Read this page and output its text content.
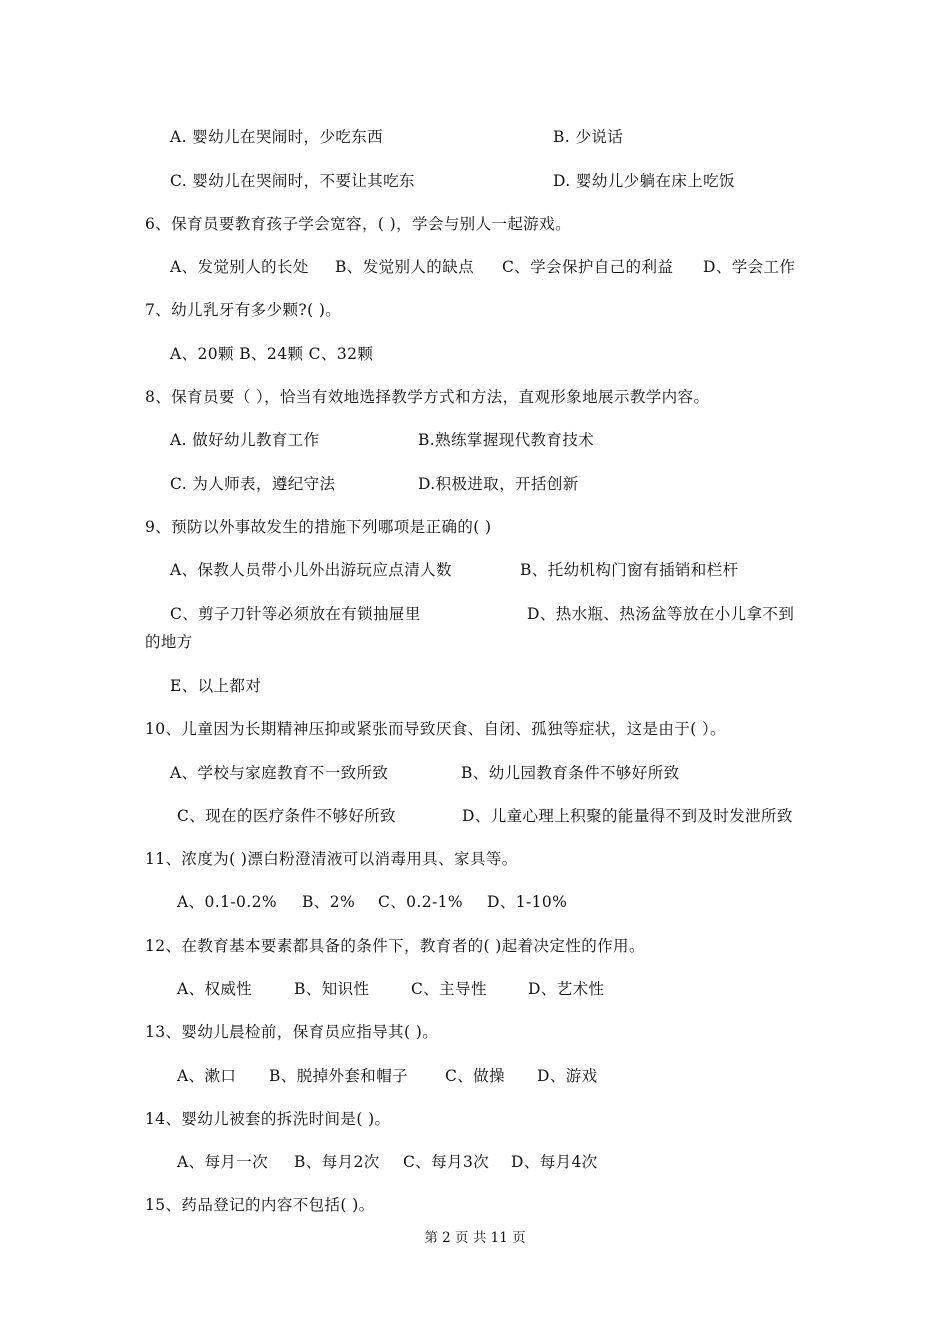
A. 婴幼儿在哭闹时，少吃东西	B. 少说话
C. 婴幼儿在哭闹时，不要让其吃东	D. 婴幼儿少躺在床上吃饭
6、保育员要教育孩子学会宽容，( )，学会与别人一起游戏。
A、发觉别人的长处 B、发觉别人的缺点 C、学会保护自己的利益 D、学会工作
7、幼儿乳牙有多少颗?( )。
A、20颗 B、24颗 C、32颗
8、保育员要（ ），恰当有效地选择教学方式和方法，直观形象地展示教学内容。
A. 做好幼儿教育工作	B.熟练掌握现代教育技术
C. 为人师表，遵纪守法	D.积极进取，开括创新
9、预防以外事故发生的措施下列哪项是正确的( )
A、保教人员带小儿外出游玩应点清人数	B、托幼机构门窗有插销和栏杆
C、剪子刀针等必须放在有锁抽屉里	D、热水瓶、热汤盆等放在小儿拿不到
的地方
E、以上都对
10、儿童因为长期精神压抑或紧张而导致厌食、自闭、孤独等症状，这是由于( ）。
A、学校与家庭教育不一致所致	B、幼儿园教育条件不够好所致
C、现在的医疗条件不够好所致	D、儿童心理上积聚的能量得不到及时发泄所致
11、浓度为( )漂白粉澄清液可以消毒用具、家具等。
A、0.1-0.2% B、2% C、0.2-1% D、1-10%
12、在教育基本要素都具备的条件下，教育者的( )起着决定性的作用。
A、权威性	B、知识性	C、主导性	D、艺术性
13、婴幼儿晨检前，保育员应指导其( )。
A、漱口 B、脱掉外套和帽子 C、做操 D、游戏
14、婴幼儿被套的拆洗时间是( )。
A、每月一次 B、每月2次 C、每月3次 D、每月4次
15、药品登记的内容不包括( )。
第 2 页 共 11 页
